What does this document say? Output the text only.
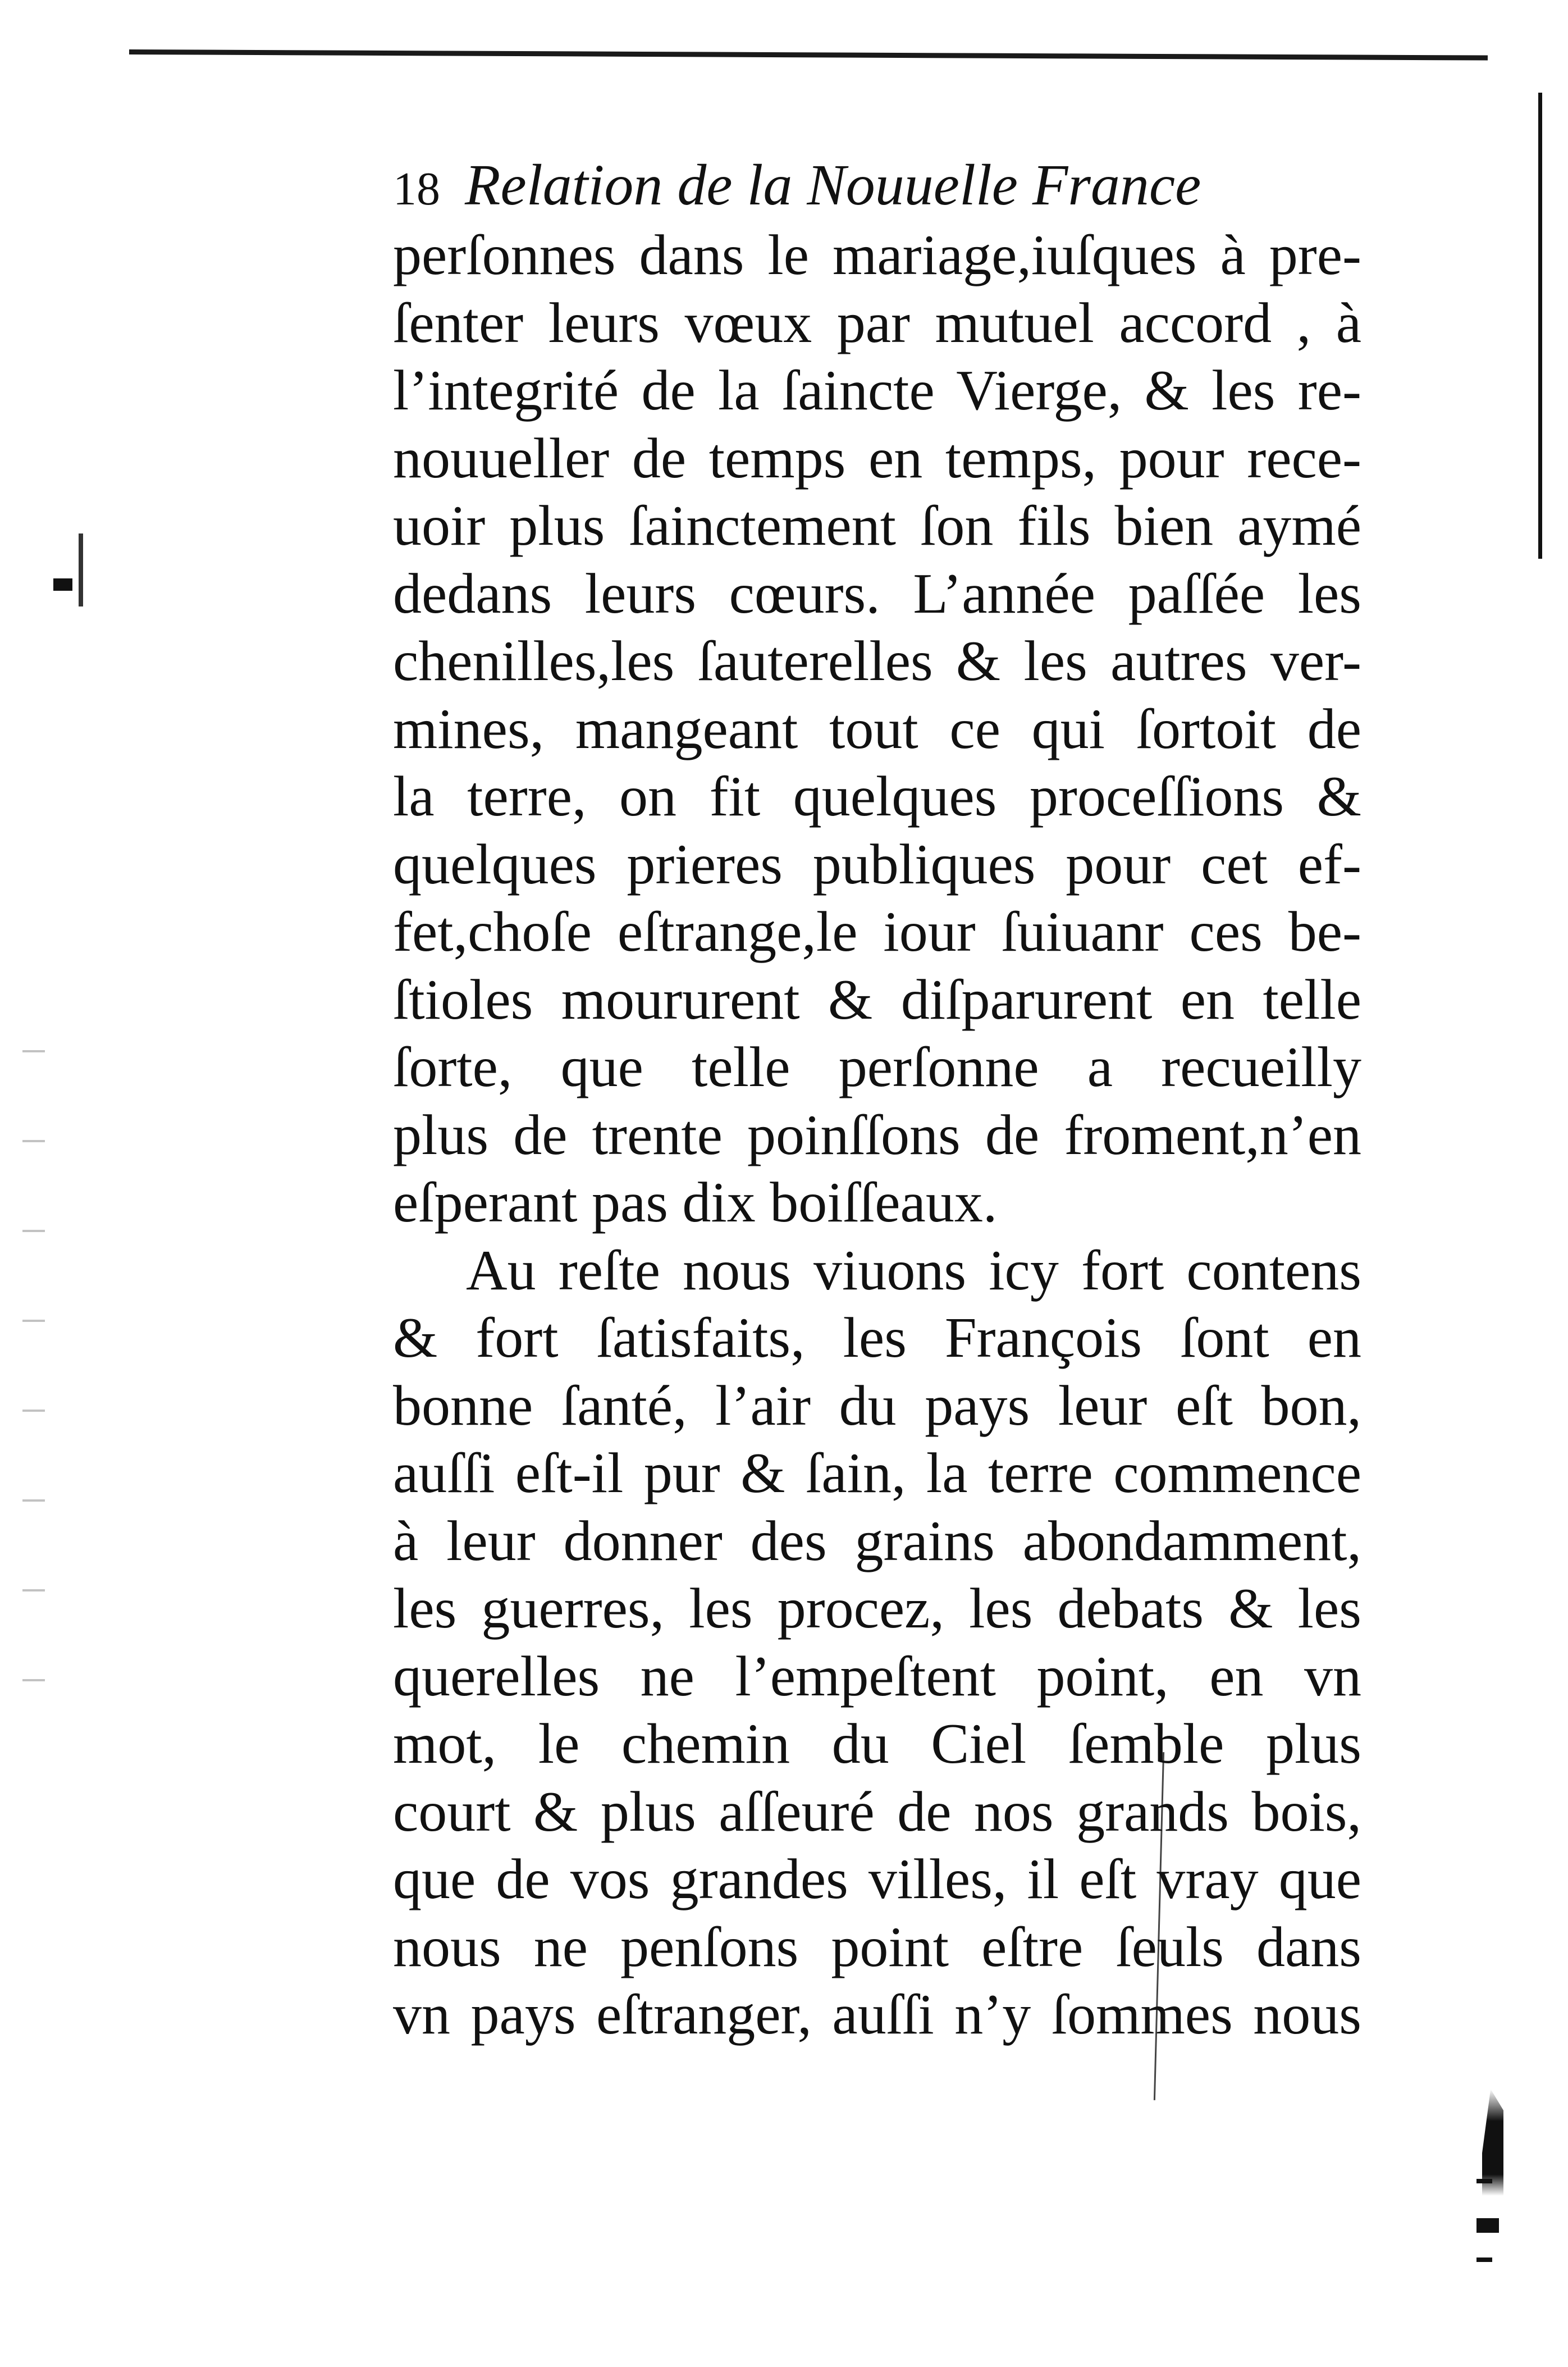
18 Relation de la Nouuelle France
perſonnes dans le mariage,iuſques à pre-
ſenter leurs vœux par mutuel accord , à
l’integrité de la ſaincte Vierge, & les re-
nouueller de temps en temps, pour rece-
uoir plus ſainctement ſon fils bien aymé
dedans leurs cœurs. L’année paſſée les
chenilles,les ſauterelles & les autres ver-
mines, mangeant tout ce qui ſortoit de
la terre, on fit quelques proceſſions &
quelques prieres publiques pour cet ef-
fet,choſe eſtrange,le iour ſuiuanr ces be-
ſtioles moururent & diſparurent en telle
ſorte, que telle perſonne a recueilly
plus de trente poinſſons de froment,n’en
eſperant pas dix boiſſeaux.
Au reſte nous viuons icy fort contens
& fort ſatisfaits, les François ſont en
bonne ſanté, l’air du pays leur eſt bon,
auſſi eſt-il pur & ſain, la terre commence
à leur donner des grains abondamment,
les guerres, les procez, les debats & les
querelles ne l’empeſtent point, en vn
mot, le chemin du Ciel ſemble plus
court & plus aſſeuré de nos grands bois,
que de vos grandes villes, il eſt vray que
nous ne penſons point eſtre ſeuls dans
vn pays eſtranger, auſſi n’y ſommes nous
